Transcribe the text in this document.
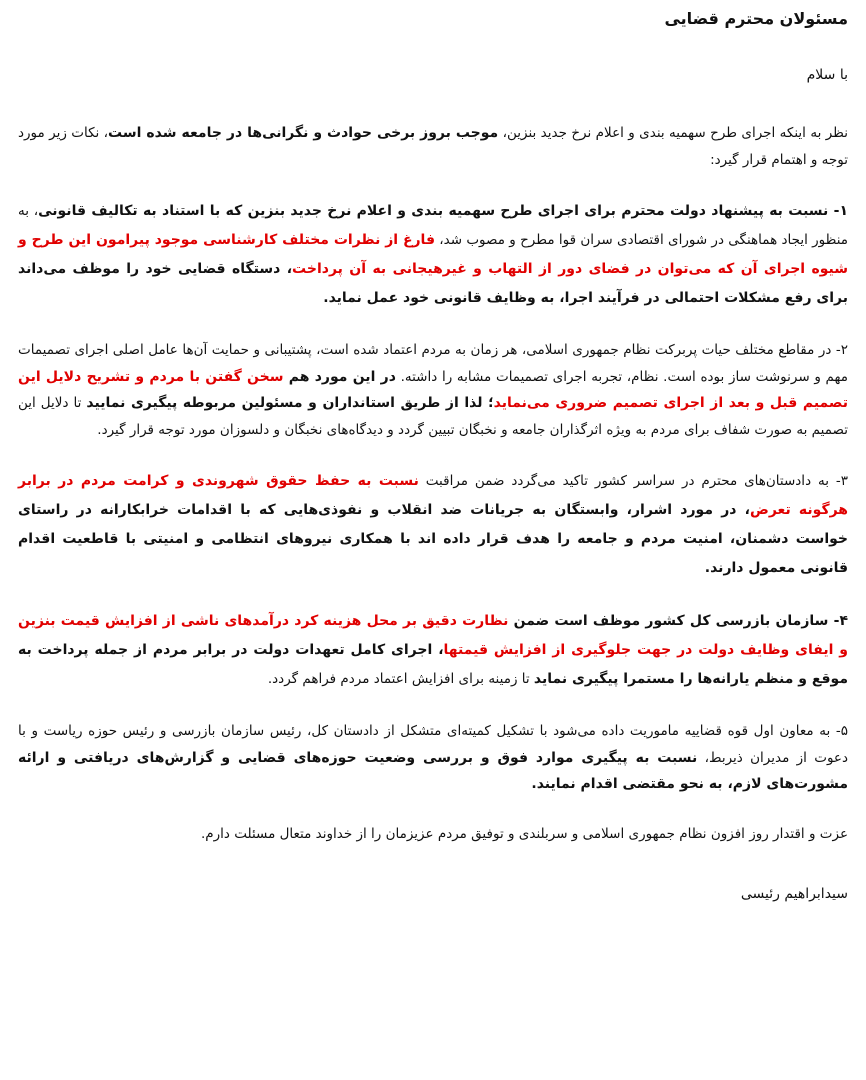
مسئولان محترم قضایی
با سلام

نظر به اینکه اجرای طرح سهمیه بندی و اعلام نرخ جدید بنزین، موجب بروز برخی حوادث و نگرانی‌ها در جامعه شده است، نکات زیر مورد توجه و اهتمام قرار گیرد:

۱- نسبت به پیشنهاد دولت محترم برای اجرای طرح سهمیه بندی و اعلام نرخ جدید بنزین که با استناد به تکالیف قانونی، به منظور ایجاد هماهنگی در شورای اقتصادی سران قوا مطرح و مصوب شد، فارغ از نظرات مختلف کارشناسی موجود پیرامون این طرح و شیوه اجرای آن که می‌توان در فضای دور از التهاب و غیرهیجانی به آن پرداخت، دستگاه قضایی خود را موظف می‌داند برای رفع مشکلات احتمالی در فرآیند اجرا، به وظایف قانونی خود عمل نماید.

۲- در مقاطع مختلف حیات پربرکت نظام جمهوری اسلامی، هر زمان به مردم اعتماد شده است، پشتیبانی و حمایت آن‌ها عامل اصلی اجرای تصمیمات مهم و سرنوشت ساز بوده است. نظام، تجربه اجرای تصمیمات مشابه را داشته. در این مورد هم سخن گفتن با مردم و تشریح دلایل این تصمیم قبل و بعد از اجرای تصمیم ضروری می‌نماید؛ لذا از طریق استانداران و مسئولین مربوطه پیگیری نمایید تا دلایل این تصمیم به صورت شفاف برای مردم به ویژه اثرگذاران جامعه و نخبگان تبیین گردد و دیدگاه‌های نخبگان و دلسوزان مورد توجه قرار گیرد.

۳- به دادستان‌های محترم در سراسر کشور تاکید می‌گردد ضمن مراقبت نسبت به حفظ حقوق شهروندی و کرامت مردم در برابر هرگونه تعرض، در مورد اشرار، وابستگان به جریانات ضد انقلاب و نفوذی‌هایی که با اقدامات خرابکارانه در راستای خواست دشمنان، امنیت مردم و جامعه را هدف قرار داده اند با همکاری نیروهای انتظامی و امنیتی با قاطعیت اقدام قانونی معمول دارند.

۴- سازمان بازرسی کل کشور موظف است ضمن نظارت دقیق بر محل هزینه کرد درآمدهای ناشی از افزایش قیمت بنزین و ایفای وظایف دولت در جهت جلوگیری از افزایش قیمتها، اجرای کامل تعهدات دولت در برابر مردم از جمله پرداخت به موقع و منظم یارانه‌ها را مستمرا پیگیری نماید تا زمینه برای افزایش اعتماد مردم فراهم گردد.

۵- به معاون اول قوه قضاییه ماموریت داده می‌شود با تشکیل کمیته‌ای متشکل از دادستان کل، رئیس سازمان بازرسی و رئیس حوزه ریاست و با دعوت از مدیران ذیربط، نسبت به پیگیری موارد فوق و بررسی وضعیت حوزه‌های قضایی و گزارش‌های دریافتی و ارائه مشورت‌های لازم، به نحو مقتضی اقدام نمایند.

عزت و اقتدار روز افزون نظام جمهوری اسلامی و سربلندی و توفیق مردم عزیزمان را از خداوند متعال مسئلت دارم.

سیدابراهیم رئیسی
